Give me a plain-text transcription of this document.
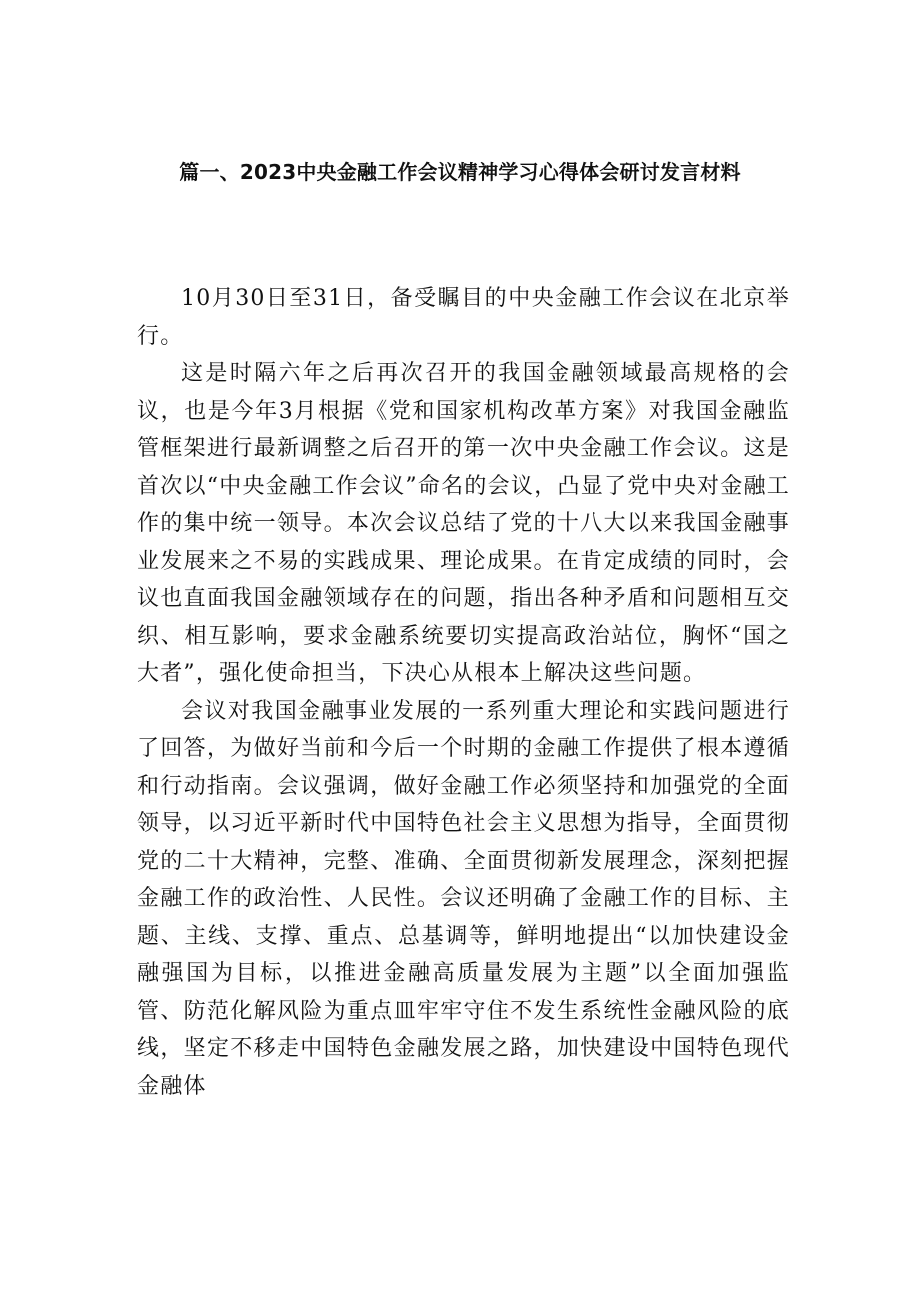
篇一、2023中央金融工作会议精神学习心得体会研讨发言材料

10月30日至31日，备受瞩目的中央金融工作会议在北京举行。

这是时隔六年之后再次召开的我国金融领域最高规格的会议，也是今年3月根据《党和国家机构改革方案》对我国金融监管框架进行最新调整之后召开的第一次中央金融工作会议。这是首次以“中央金融工作会议”命名的会议，凸显了党中央对金融工作的集中统一领导。本次会议总结了党的十八大以来我国金融事业发展来之不易的实践成果、理论成果。在肯定成绩的同时，会议也直面我国金融领域存在的问题，指出各种矛盾和问题相互交织、相互影响，要求金融系统要切实提高政治站位，胸怀“国之大者”，强化使命担当，下决心从根本上解决这些问题。

会议对我国金融事业发展的一系列重大理论和实践问题进行了回答，为做好当前和今后一个时期的金融工作提供了根本遵循和行动指南。会议强调，做好金融工作必须坚持和加强党的全面领导，以习近平新时代中国特色社会主义思想为指导，全面贯彻党的二十大精神，完整、准确、全面贯彻新发展理念，深刻把握金融工作的政治性、人民性。会议还明确了金融工作的目标、主题、主线、支撑、重点、总基调等，鲜明地提出“以加快建设金融强国为目标，以推进金融高质量发展为主题”以全面加强监管、防范化解风险为重点皿牢牢守住不发生系统性金融风险的底线，坚定不移走中国特色金融发展之路，加快建设中国特色现代金融体
